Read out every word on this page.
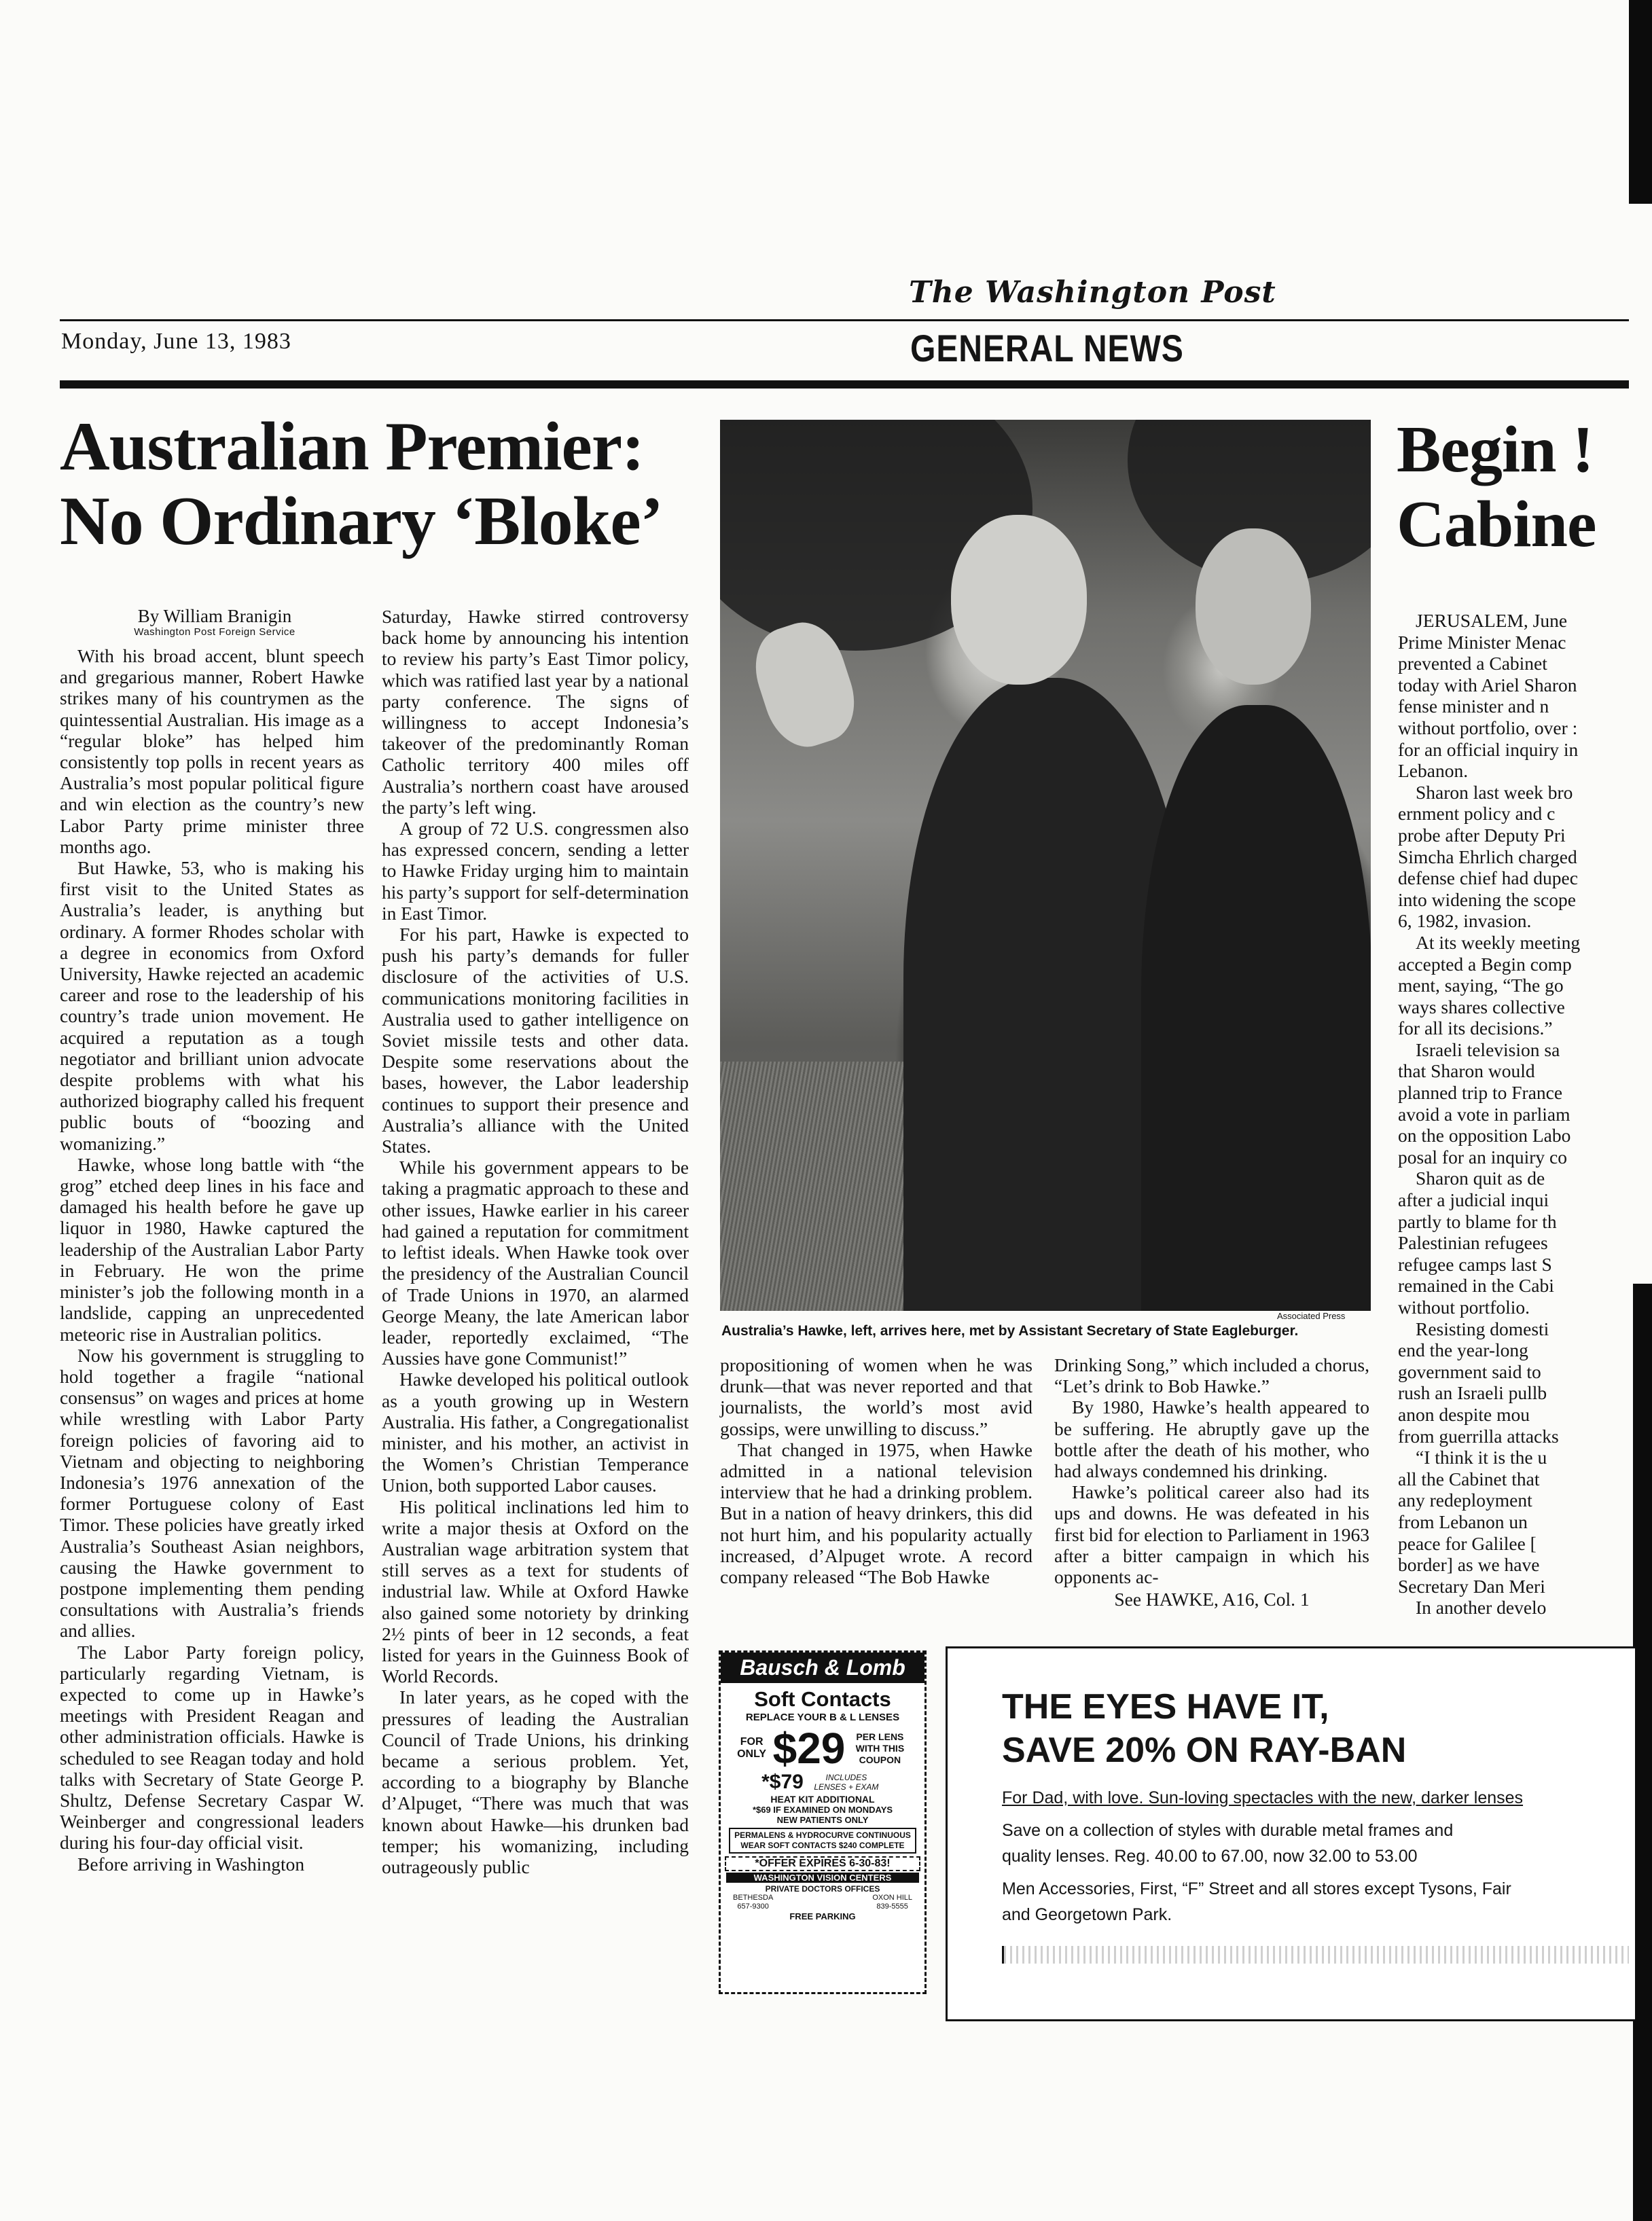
The Washington Post
Monday, June 13, 1983	GENERAL NEWS
Australian Premier:
No Ordinary ‘Bloke’
By William Branigin
Washington Post Foreign Service

With his broad accent, blunt speech and gregarious manner, Robert Hawke strikes many of his countrymen as the quintessential Australian. His image as a “regular bloke” has helped him consistently top polls in recent years as Australia’s most popular political figure and win election as the country’s new Labor Party prime minister three months ago.

But Hawke, 53, who is making his first visit to the United States as Australia’s leader, is anything but ordinary. A former Rhodes scholar with a degree in economics from Oxford University, Hawke rejected an academic career and rose to the leadership of his country’s trade union movement. He acquired a reputation as a tough negotiator and brilliant union advocate despite problems with what his authorized biography called his frequent public bouts of “boozing and womanizing.”

Hawke, whose long battle with “the grog” etched deep lines in his face and damaged his health before he gave up liquor in 1980, Hawke captured the leadership of the Australian Labor Party in February. He won the prime minister’s job the following month in a landslide, capping an unprecedented meteoric rise in Australian politics.

Now his government is struggling to hold together a fragile “national consensus” on wages and prices at home while wrestling with Labor Party foreign policies of favoring aid to Vietnam and objecting to neighboring Indonesia’s 1976 annexation of the former Portuguese colony of East Timor. These policies have greatly irked Australia’s Southeast Asian neighbors, causing the Hawke government to postpone implementing them pending consultations with Australia’s friends and allies.

The Labor Party foreign policy, particularly regarding Vietnam, is expected to come up in Hawke’s meetings with President Reagan and other administration officials. Hawke is scheduled to see Reagan today and hold talks with Secretary of State George P. Shultz, Defense Secretary Caspar W. Weinberger and congressional leaders during his four-day official visit.

Before arriving in Washington

Saturday, Hawke stirred controversy back home by announcing his intention to review his party’s East Timor policy, which was ratified last year by a national party conference. The signs of willingness to accept Indonesia’s takeover of the predominantly Roman Catholic territory 400 miles off Australia’s northern coast have aroused the party’s left wing.

A group of 72 U.S. congressmen also has expressed concern, sending a letter to Hawke Friday urging him to maintain his party’s support for self-determination in East Timor.

For his part, Hawke is expected to push his party’s demands for fuller disclosure of the activities of U.S. communications monitoring facilities in Australia used to gather intelligence on Soviet missile tests and other data. Despite some reservations about the bases, however, the Labor leadership continues to support their presence and Australia’s alliance with the United States.

While his government appears to be taking a pragmatic approach to these and other issues, Hawke earlier in his career had gained a reputation for commitment to leftist ideals. When Hawke took over the presidency of the Australian Council of Trade Unions in 1970, an alarmed George Meany, the late American labor leader, reportedly exclaimed, “The Aussies have gone Communist!”

Hawke developed his political outlook as a youth growing up in Western Australia. His father, a Congregationalist minister, and his mother, an activist in the Women’s Christian Temperance Union, both supported Labor causes.

His political inclinations led him to write a major thesis at Oxford on the Australian wage arbitration system that still serves as a text for students of industrial law. While at Oxford Hawke also gained some notoriety by drinking 2½ pints of beer in 12 seconds, a feat listed for years in the Guinness Book of World Records.

In later years, as he coped with the pressures of leading the Australian Council of Trade Unions, his drinking became a serious problem. Yet, according to a biography by Blanche d’Alpuget, “There was much that was known about Hawke—his drunken bad temper; his womanizing, including outrageously public

Associated Press
Australia’s Hawke, left, arrives here, met by Assistant Secretary of State Eagleburger.

propositioning of women when he was drunk—that was never reported and that journalists, the world’s most avid gossips, were unwilling to discuss.”

That changed in 1975, when Hawke admitted in a national television interview that he had a drinking problem. But in a nation of heavy drinkers, this did not hurt him, and his popularity actually increased, d’Alpuget wrote. A record company released “The Bob Hawke

Drinking Song,” which included a chorus, “Let’s drink to Bob Hawke.”

By 1980, Hawke’s health appeared to be suffering. He abruptly gave up the bottle after the death of his mother, who had always condemned his drinking.

Hawke’s political career also had its ups and downs. He was defeated in his first bid for election to Parliament in 1963 after a bitter campaign in which his opponents ac-

See HAWKE, A16, Col. 1
Begin !
Cabine
JERUSALEM, June
Prime Minister Menac
prevented a Cabinet
today with Ariel Sharon
fense minister and n
without portfolio, over :
for an official inquiry in
Lebanon.
Sharon last week bro
ernment policy and c
probe after Deputy Pri
Simcha Ehrlich charged
defense chief had dupec
into widening the scope
6, 1982, invasion.
At its weekly meeting
accepted a Begin comp
ment, saying, “The go
ways shares collective
for all its decisions.”
Israeli television sa
that Sharon would
planned trip to France
avoid a vote in parliam
on the opposition Labo
posal for an inquiry co
Sharon quit as de
after a judicial inqui
partly to blame for th
Palestinian refugees
refugee camps last S
remained in the Cabi
without portfolio.
Resisting domesti
end the year-long
government said to
rush an Israeli pullb
anon despite mou
from guerrilla attacks
“I think it is the u
all the Cabinet that
any redeployment
from Lebanon un
peace for Galilee [
border] as we have
Secretary Dan Meri
In another develo
Bausch & Lomb
Soft Contacts
REPLACE YOUR B & L LENSES
FOR ONLY $29	PER LENS WITH THIS COUPON
*$79	INCLUDES LENSES + EXAM
HEAT KIT ADDITIONAL
*$69 IF EXAMINED ON MONDAYS
NEW PATIENTS ONLY
PERMALENS & HYDROCURVE CONTINUOUS WEAR SOFT CONTACTS $240 COMPLETE
*OFFER EXPIRES 6-30-83!
WASHINGTON VISION CENTERS
PRIVATE DOCTORS OFFICES
BETHESDA
657-9300
OXON HILL
839-5555
FREE PARKING
THE EYES HAVE IT,
SAVE 20% ON RAY-BAN
For Dad, with love. Sun-loving spectacles with the new, darker lenses
Save on a collection of styles with durable metal frames and
quality lenses. Reg. 40.00 to 67.00, now 32.00 to 53.00
Men Accessories, First, “F” Street and all stores except Tysons, Fair
and Georgetown Park.
